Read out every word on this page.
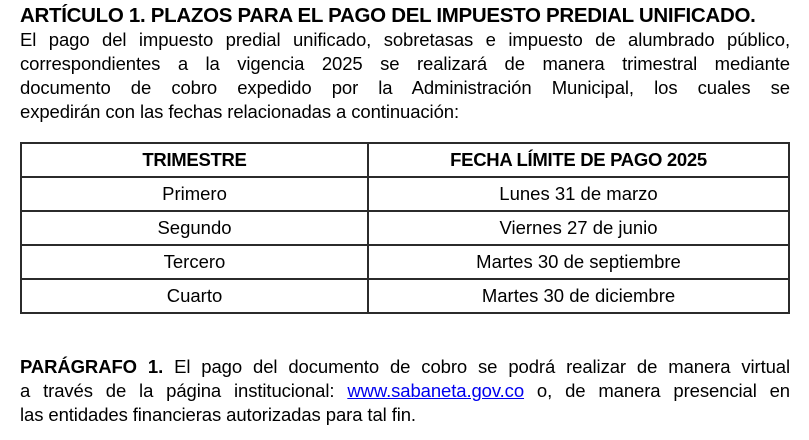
ARTÍCULO 1. PLAZOS PARA EL PAGO DEL IMPUESTO PREDIAL UNIFICADO.

El pago del impuesto predial unificado, sobretasas e impuesto de alumbrado público,
correspondientes a la vigencia 2025 se realizará de manera trimestral mediante
documento de cobro expedido por la Administración Municipal, los cuales se
expedirán con las fechas relacionadas a continuación:

TRIMESTRE	FECHA LÍMITE DE PAGO 2025
Primero	Lunes 31 de marzo
Segundo	Viernes 27 de junio
Tercero	Martes 30 de septiembre
Cuarto	Martes 30 de diciembre

PARÁGRAFO 1. El pago del documento de cobro se podrá realizar de manera virtual
a través de la página institucional: www.sabaneta.gov.co o, de manera presencial en
las entidades financieras autorizadas para tal fin.
